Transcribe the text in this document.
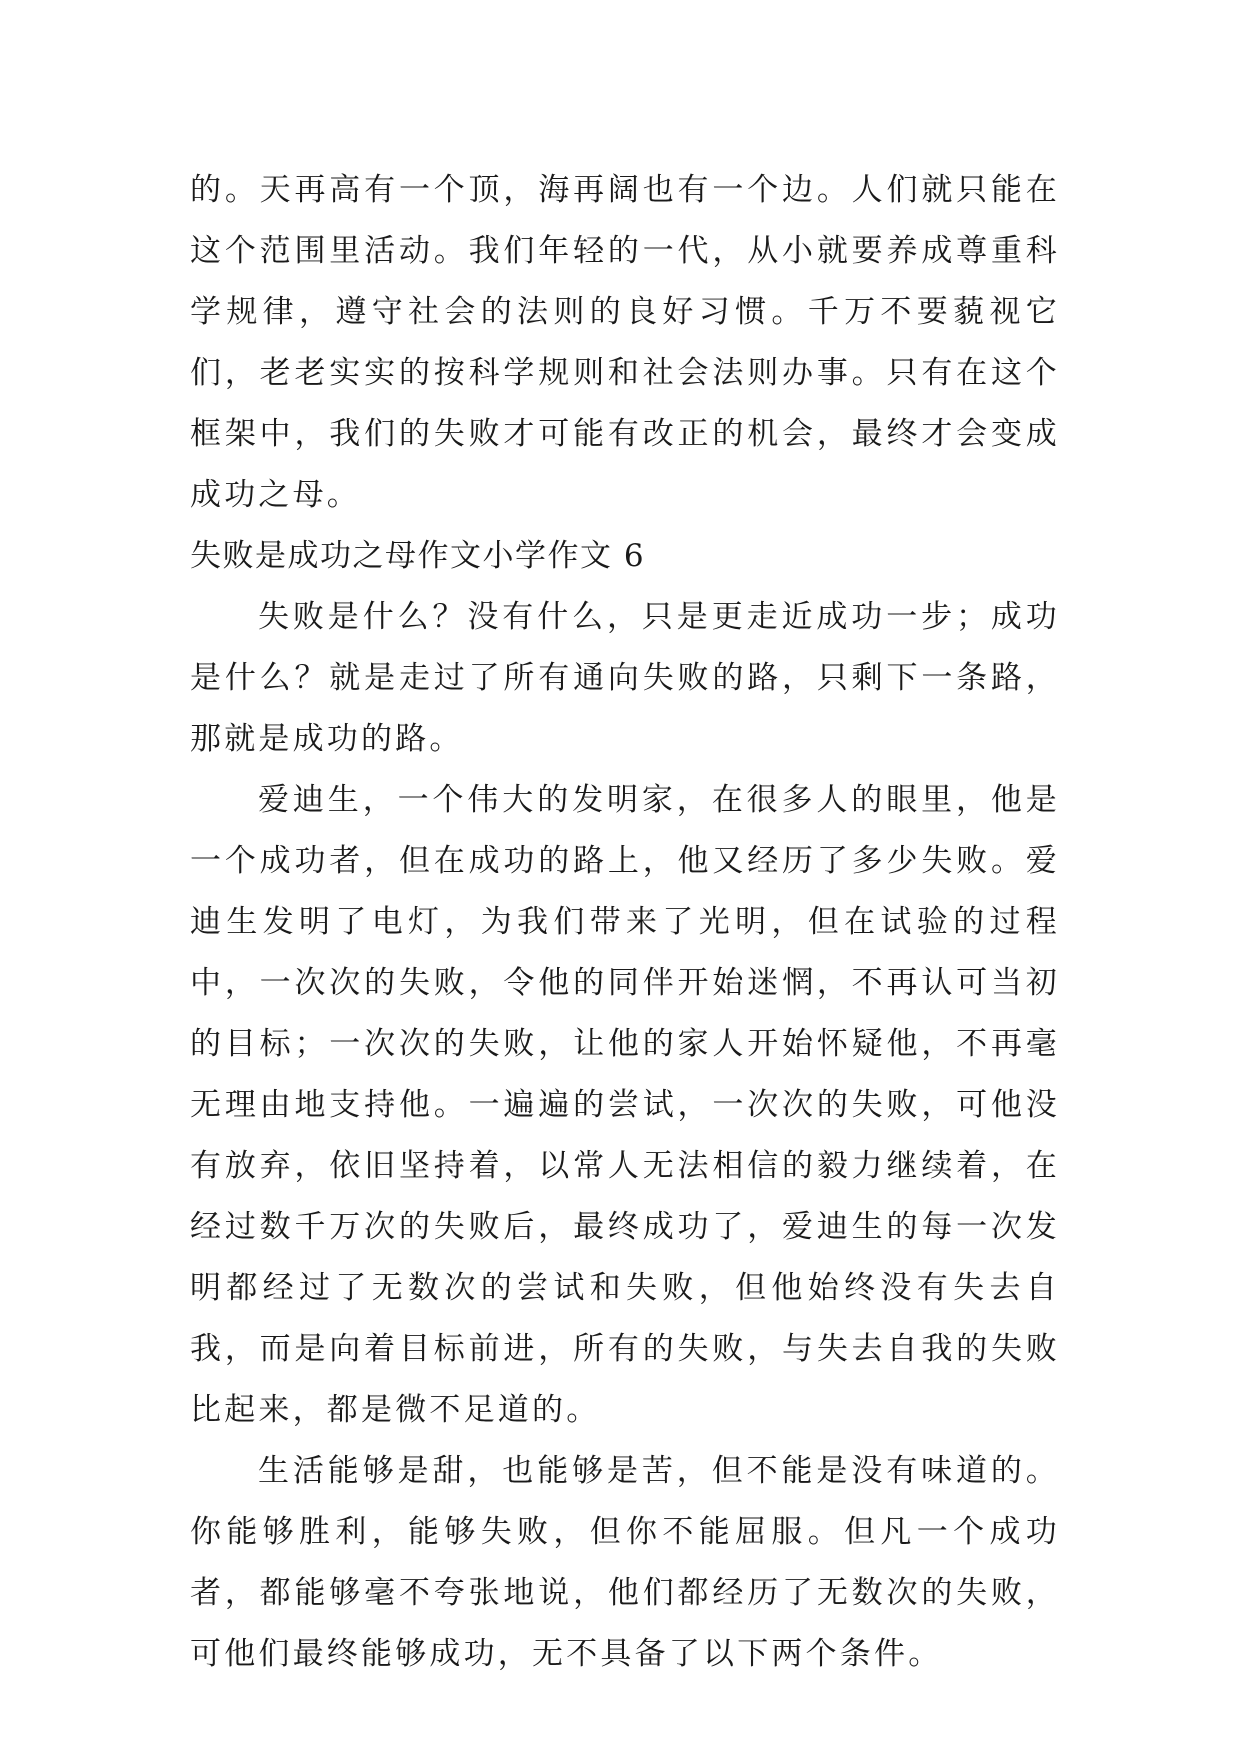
的。天再高有一个顶，海再阔也有一个边。人们就只能在这个范围里活动。我们年轻的一代，从小就要养成尊重科学规律，遵守社会的法则的良好习惯。千万不要藐视它们，老老实实的按科学规则和社会法则办事。只有在这个框架中，我们的失败才可能有改正的机会，最终才会变成成功之母。

失败是成功之母作文小学作文 6

失败是什么？没有什么，只是更走近成功一步；成功是什么？就是走过了所有通向失败的路，只剩下一条路，那就是成功的路。

爱迪生，一个伟大的发明家，在很多人的眼里，他是一个成功者，但在成功的路上，他又经历了多少失败。爱迪生发明了电灯，为我们带来了光明，但在试验的过程中，一次次的失败，令他的同伴开始迷惘，不再认可当初的目标；一次次的失败，让他的家人开始怀疑他，不再毫无理由地支持他。一遍遍的尝试，一次次的失败，可他没有放弃，依旧坚持着，以常人无法相信的毅力继续着，在经过数千万次的失败后，最终成功了，爱迪生的每一次发明都经过了无数次的尝试和失败，但他始终没有失去自我，而是向着目标前进，所有的失败，与失去自我的失败比起来，都是微不足道的。

生活能够是甜，也能够是苦，但不能是没有味道的。你能够胜利，能够失败，但你不能屈服。但凡一个成功者，都能够毫不夸张地说，他们都经历了无数次的失败，可他们最终能够成功，无不具备了以下两个条件。
